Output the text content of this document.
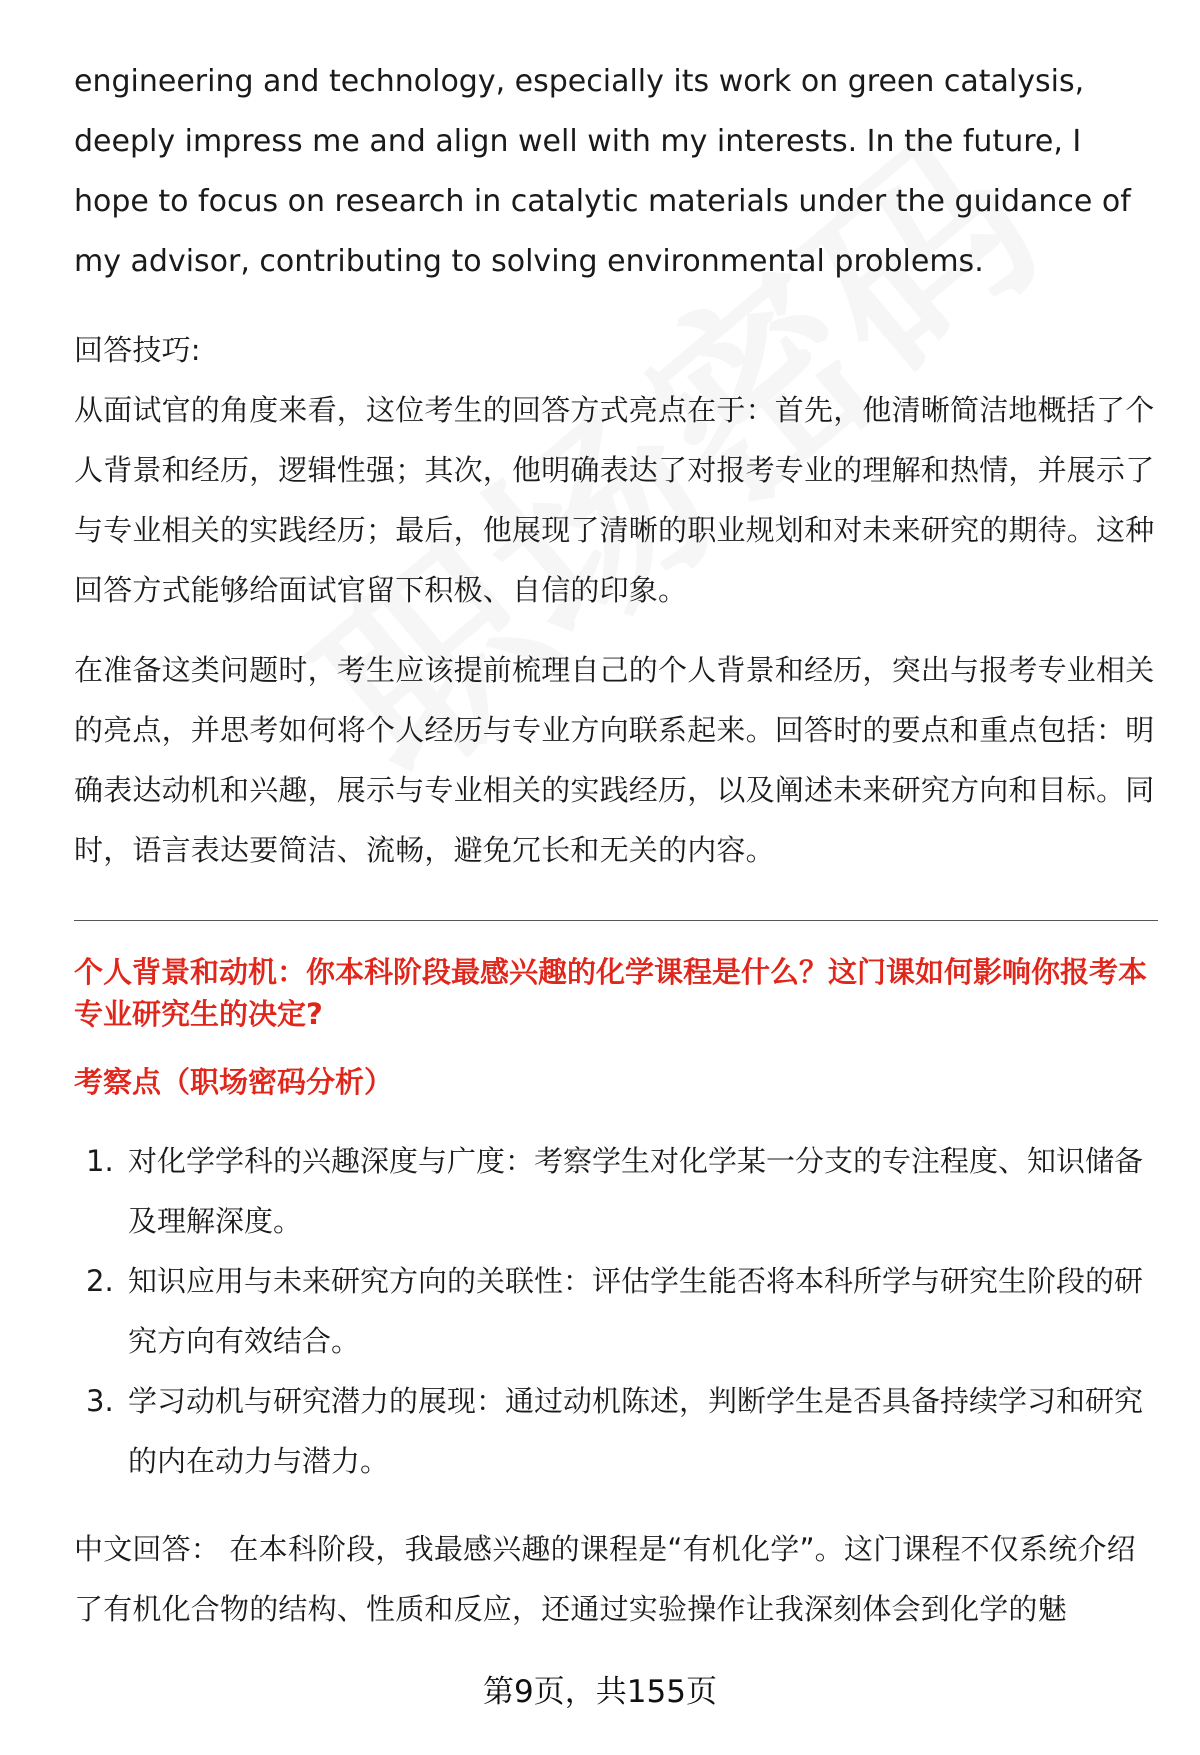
engineering and technology, especially its work on green catalysis, deeply impress me and align well with my interests. In the future, I hope to focus on research in catalytic materials under the guidance of my advisor, contributing to solving environmental problems.

回答技巧:

从面试官的角度来看，这位考生的回答方式亮点在于：首先，他清晰简洁地概括了个人背景和经历，逻辑性强；其次，他明确表达了对报考专业的理解和热情，并展示了与专业相关的实践经历；最后，他展现了清晰的职业规划和对未来研究的期待。这种回答方式能够给面试官留下积极、自信的印象。

在准备这类问题时，考生应该提前梳理自己的个人背景和经历，突出与报考专业相关的亮点，并思考如何将个人经历与专业方向联系起来。回答时的要点和重点包括：明确表达动机和兴趣，展示与专业相关的实践经历，以及阐述未来研究方向和目标。同时，语言表达要简洁、流畅，避免冗长和无关的内容。

个人背景和动机：你本科阶段最感兴趣的化学课程是什么？这门课如何影响你报考本专业研究生的决定?

考察点（职场密码分析）

1. 对化学学科的兴趣深度与广度：考察学生对化学某一分支的专注程度、知识储备及理解深度。
2. 知识应用与未来研究方向的关联性：评估学生能否将本科所学与研究生阶段的研究方向有效结合。
3. 学习动机与研究潜力的展现：通过动机陈述，判断学生是否具备持续学习和研究的内在动力与潜力。

中文回答： 在本科阶段，我最感兴趣的课程是“有机化学”。这门课程不仅系统介绍了有机化合物的结构、性质和反应，还通过实验操作让我深刻体会到化学的魅

第9页，共155页
